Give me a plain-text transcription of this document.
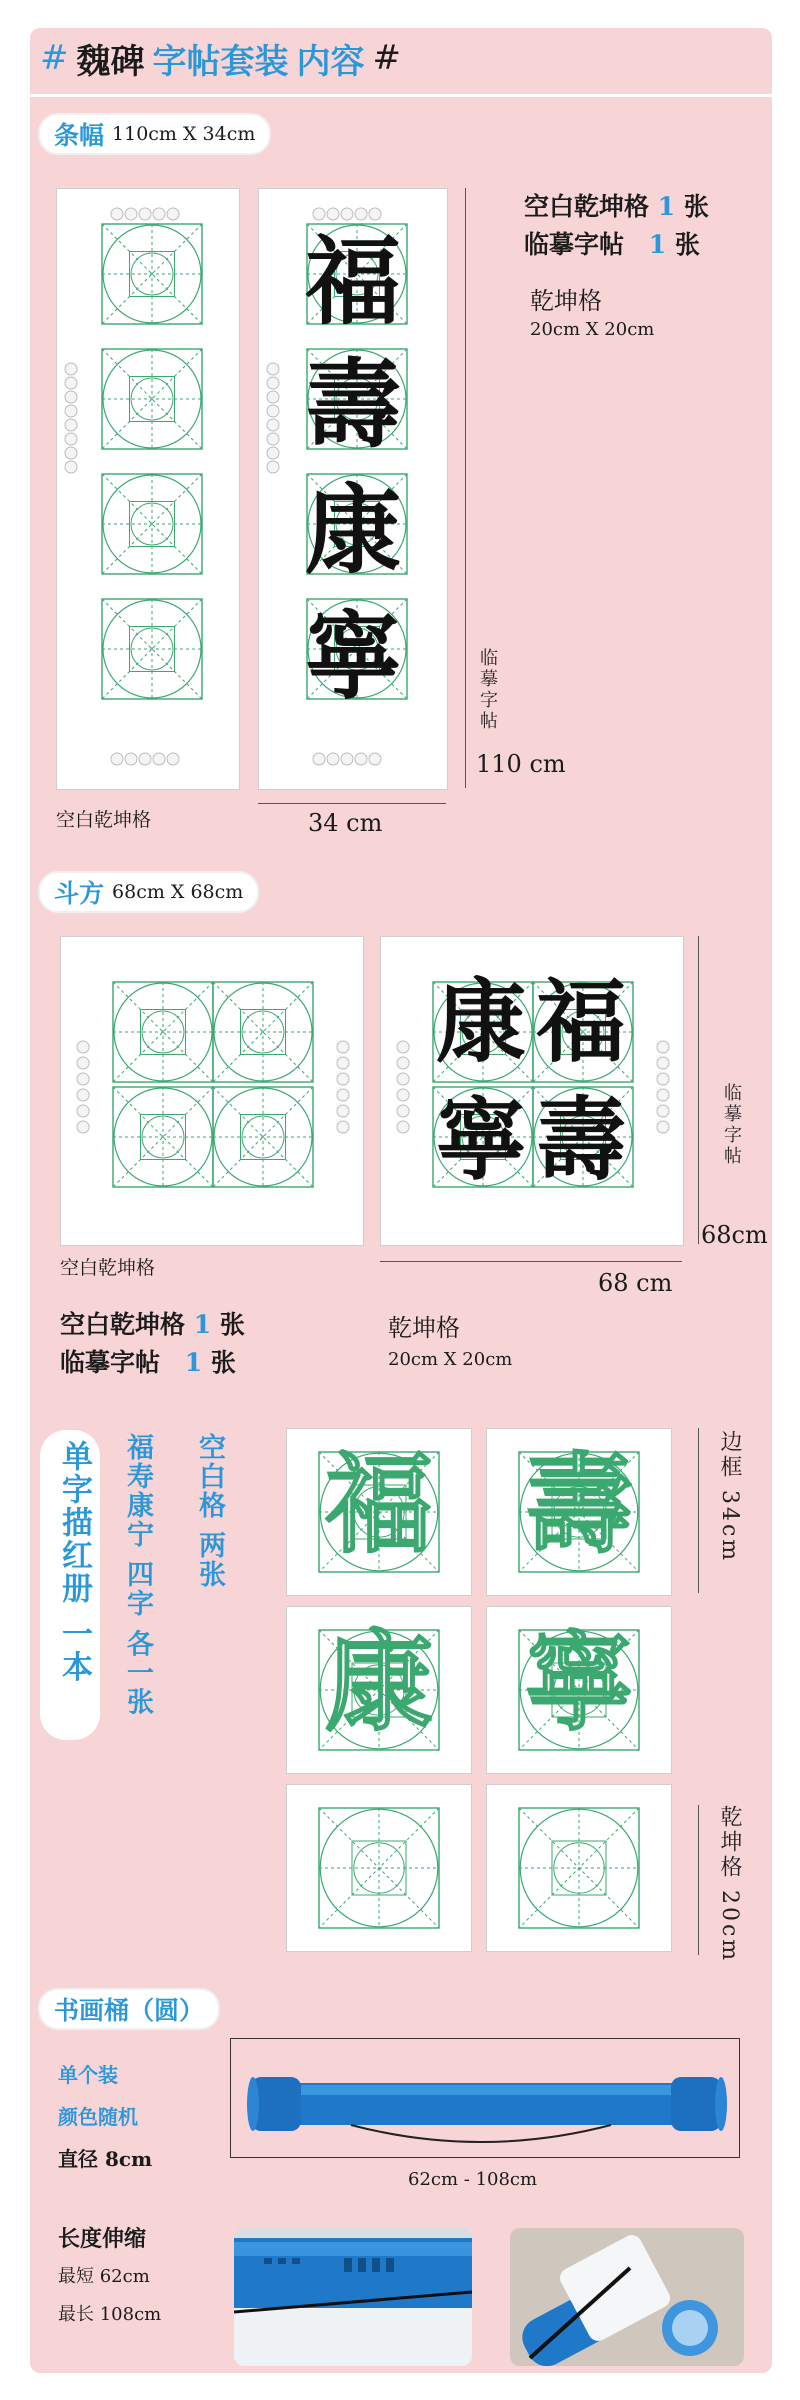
# 魏碑 字帖套装 内容 #
条幅 110cm X 34cm
空白乾坤格
福
壽
康
寧
34 cm
临摹字帖
110 cm
空白乾坤格 1 张
临摹字帖 1 张
乾坤格
20cm X 20cm
斗方 68cm X 68cm
空白乾坤格
福
康
壽
寧	临摹字帖
68cm
68 cm
空白乾坤格 1 张
临摹字帖 1 张
乾坤格
20cm X 20cm
单字描红册 一本 福寿康宁 四字 各一张 空白格 两张 福 壽
康 寧
边框 34cm
乾坤格 20cm
书画桶（圆）
单个装
颜色随机
直径 8cm
62cm - 108cm
长度伸缩
最短 62cm
最长 108cm
